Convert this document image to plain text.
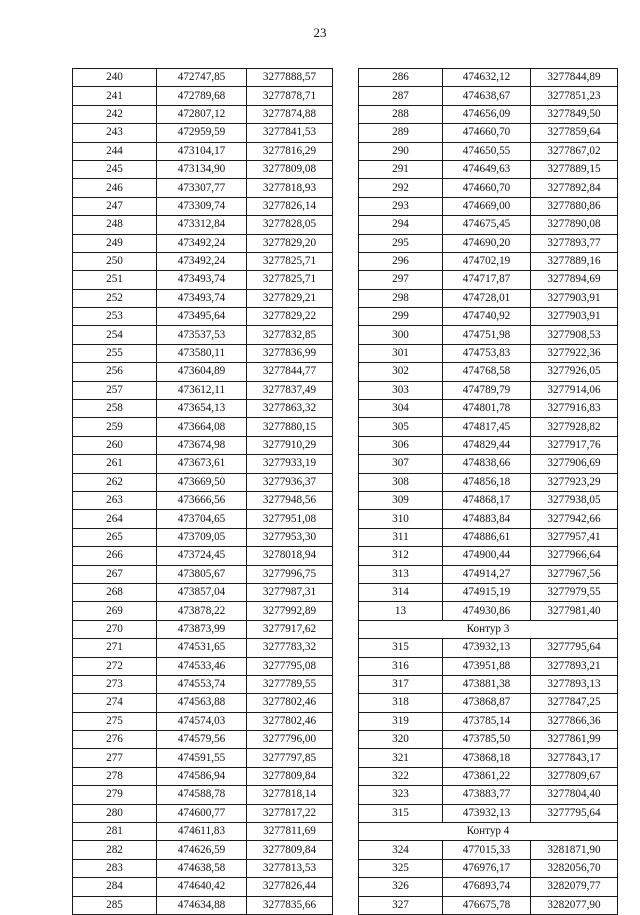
23
240	472747,85	3277888,57
241	472789,68	3277878,71
242	472807,12	3277874,88
243	472959,59	3277841,53
244	473104,17	3277816,29
245	473134,90	3277809,08
246	473307,77	3277818,93
247	473309,74	3277826,14
248	473312,84	3277828,05
249	473492,24	3277829,20
250	473492,24	3277825,71
251	473493,74	3277825,71
252	473493,74	3277829,21
253	473495,64	3277829,22
254	473537,53	3277832,85
255	473580,11	3277836,99
256	473604,89	3277844,77
257	473612,11	3277837,49
258	473654,13	3277863,32
259	473664,08	3277880,15
260	473674,98	3277910,29
261	473673,61	3277933,19
262	473669,50	3277936,37
263	473666,56	3277948,56
264	473704,65	3277951,08
265	473709,05	3277953,30
266	473724,45	3278018,94
267	473805,67	3277996,75
268	473857,04	3277987,31
269	473878,22	3277992,89
270	473873,99	3277917,62
271	474531,65	3277783,32
272	474533,46	3277795,08
273	474553,74	3277789,55
274	474563,88	3277802,46
275	474574,03	3277802,46
276	474579,56	3277796,00
277	474591,55	3277797,85
278	474586,94	3277809,84
279	474588,78	3277818,14
280	474600,77	3277817,22
281	474611,83	3277811,69
282	474626,59	3277809,84
283	474638,58	3277813,53
284	474640,42	3277826,44
285	474634,88	3277835,66
286	474632,12	3277844,89
287	474638,67	3277851,23
288	474656,09	3277849,50
289	474660,70	3277859,64
290	474650,55	3277867,02
291	474649,63	3277889,15
292	474660,70	3277892,84
293	474669,00	3277880,86
294	474675,45	3277890,08
295	474690,20	3277893,77
296	474702,19	3277889,16
297	474717,87	3277894,69
298	474728,01	3277903,91
299	474740,92	3277903,91
300	474751,98	3277908,53
301	474753,83	3277922,36
302	474768,58	3277926,05
303	474789,79	3277914,06
304	474801,78	3277916,83
305	474817,45	3277928,82
306	474829,44	3277917,76
307	474838,66	3277906,69
308	474856,18	3277923,29
309	474868,17	3277938,05
310	474883,84	3277942,66
311	474886,61	3277957,41
312	474900,44	3277966,64
313	474914,27	3277967,56
314	474915,19	3277979,55
13	474930,86	3277981,40
Контур 3		
315	473932,13	3277795,64
316	473951,88	3277893,21
317	473881,38	3277893,13
318	473868,87	3277847,25
319	473785,14	3277866,36
320	473785,50	3277861,99
321	473868,18	3277843,17
322	473861,22	3277809,67
323	473883,77	3277804,40
315	473932,13	3277795,64
Контур 4		
324	477015,33	3281871,90
325	476976,17	3282056,70
326	476893,74	3282079,77
327	476675,78	3282077,90
